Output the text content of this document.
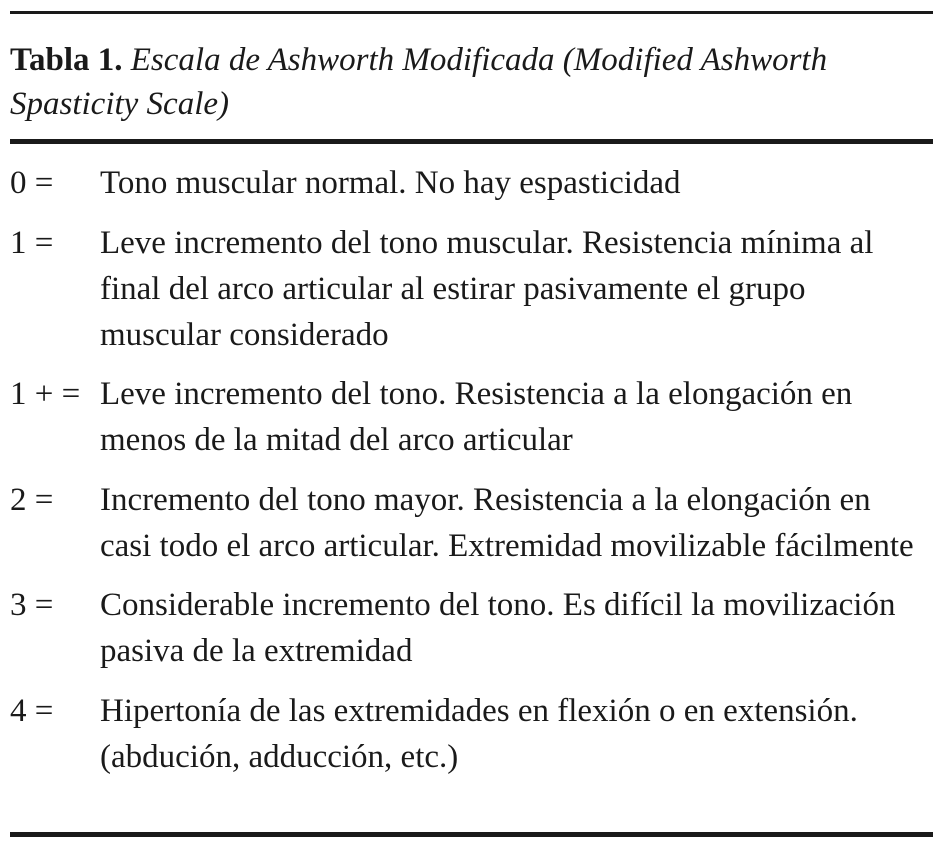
Tabla 1. Escala de Ashworth Modificada (Modified Ashworth Spasticity Scale)
0 = Tono muscular normal. No hay espasticidad
1 = Leve incremento del tono muscular. Resistencia mínima al final del arco articular al estirar pasivamente el grupo muscular considerado
1 + = Leve incremento del tono. Resistencia a la elongación en menos de la mitad del arco articular
2 = Incremento del tono mayor. Resistencia a la elongación en casi todo el arco articular. Extremidad movilizable fácilmente
3 = Considerable incremento del tono. Es difícil la movilización pasiva de la extremidad
4 = Hipertonía de las extremidades en flexión o en extensión. (abdución, adducción, etc.)
